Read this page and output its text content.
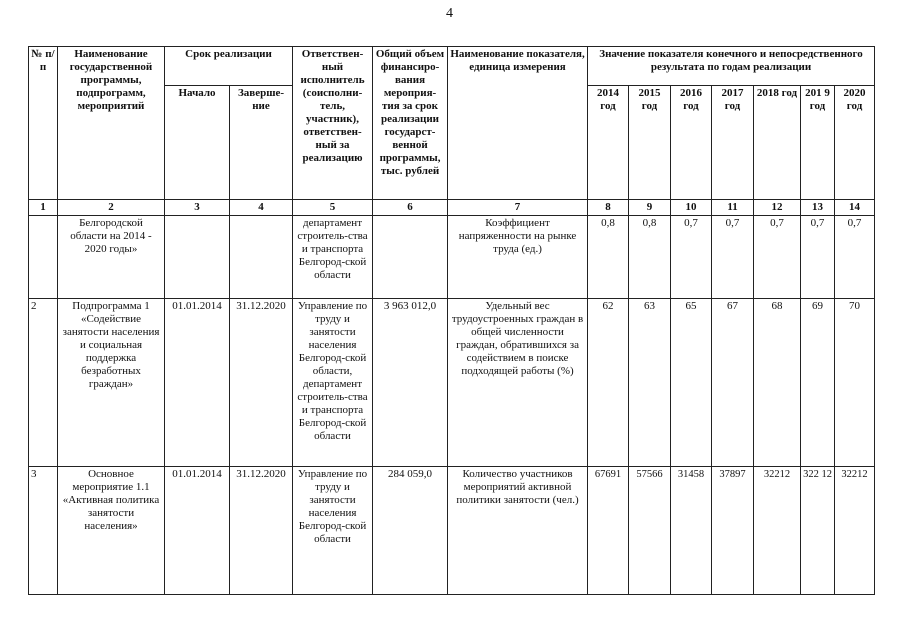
4
№ п/п	Наименование государственной программы, подпрограмм, мероприятий	Срок реализации		Ответствен-ный исполнитель (соисполни-тель, участник), ответствен-ный за реализацию	Общий объем финансиро-вания мероприя-тия за срок реализации государст-венной программы, тыс. рублей	Наименование показателя, единица измерения	Значение показателя конечного и непосредственного результата по годам реализации						
		Начало	Заверше-ние				2014 год	2015 год	2016 год	2017 год	2018 год	201 9 год	2020 год
1	2	3	4	5	6	7	8	9	10	11	12	13	14
	Белгородской области на 2014 - 2020 годы»			департамент строитель-ства и транспорта Белгород-ской области		Коэффициент напряженности на рынке труда (ед.)	0,8	0,8	0,7	0,7	0,7	0,7	0,7
2	Подпрограмма 1 «Содействие занятости населения и социальная поддержка безработных граждан»	01.01.2014	31.12.2020	Управление по труду и занятости населения Белгород-ской области, департамент строитель-ства и транспорта Белгород-ской области	3 963 012,0	Удельный вес трудоустроенных граждан в общей численности граждан, обратившихся за содействием в поиске подходящей работы (%)	62	63	65	67	68	69	70
3	Основное мероприятие 1.1 «Активная политика занятости населения»	01.01.2014	31.12.2020	Управление по труду и занятости населения Белгород-ской области	284 059,0	Количество участников мероприятий активной политики занятости (чел.)	67691	57566	31458	37897	32212	322 12	32212
